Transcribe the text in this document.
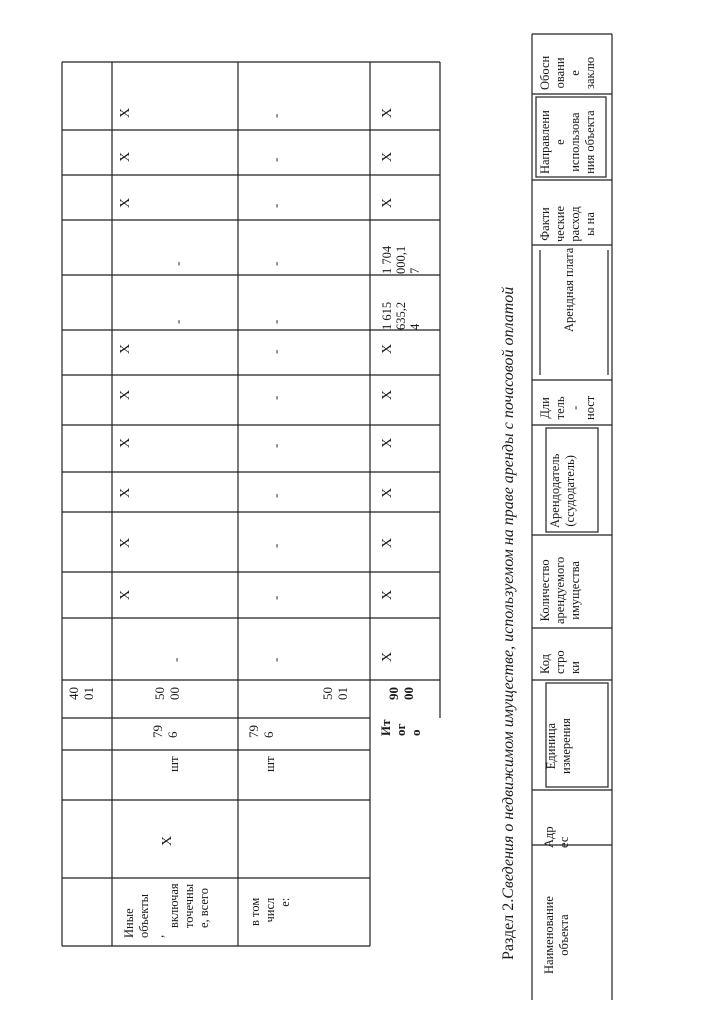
Иные объекты ,
включая точечны е, всего
X
шт
79 6
50 00
-
X
X
X
X
X
X
-
-
X
X
X
40 01
в том числ е:
шт
79 6
50 01
-
-
-
-
-
-
-
-
-
-
-
-
Ит ог о
90 00
X
X
X
X
X
X
X
1 615 635,2 4
1 704 000,1 7
X
X
X
Раздел 2.
Сведения о недвижимом имуществе, используемом на праве аренды с почасовой оплатой
Наименование объекта
Адр ес
Единица измерения
Код стро ки
Количество арендуемого имущества
Арендодатель (ссудодатель)
Дли тель - ност
Арендная плата
Факти ческие расход ы на
Направлени е использова ния объекта
Обосн овани е заклю
